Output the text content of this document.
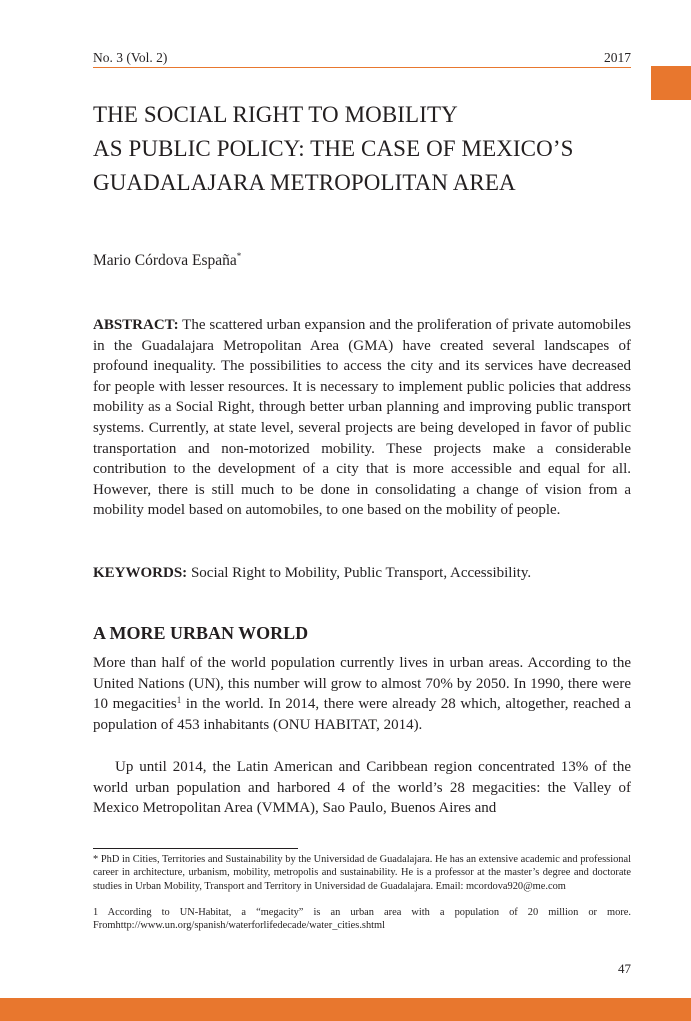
No. 3 (Vol. 2)	2017
THE SOCIAL RIGHT TO MOBILITY
AS PUBLIC POLICY: THE CASE OF MEXICO’S
GUADALAJARA METROPOLITAN AREA
Mario Córdova España*

ABSTRACT: The scattered urban expansion and the proliferation of private automobiles in the Guadalajara Metropolitan Area (GMA) have created several landscapes of profound inequality. The possibilities to access the city and its services have decreased for people with lesser resources. It is necessary to implement public policies that address mobility as a Social Right, through better urban planning and improving public transport systems. Currently, at state level, several projects are being developed in favor of public transportation and non-motorized mobility. These projects make a considerable contribution to the development of a city that is more accessible and equal for all. However, there is still much to be done in consolidating a change of vision from a mobility model based on automobiles, to one based on the mobility of people.

KEYWORDS: Social Right to Mobility, Public Transport, Accessibility.

A MORE URBAN WORLD

More than half of the world population currently lives in urban areas. According to the United Nations (UN), this number will grow to almost 70% by 2050. In 1990, there were 10 megacities$^1$ in the world. In 2014, there were already 28 which, altogether, reached a population of 453 inhabitants (ONU HABITAT, 2014).

Up until 2014, the Latin American and Caribbean region concentrated 13% of the world urban population and harbored 4 of the world’s 28 megacities: the Valley of Mexico Metropolitan Area (VMMA), Sao Paulo, Buenos Aires and

* PhD in Cities, Territories and Sustainability by the Universidad de Guadalajara. He has an extensive academic and professional career in architecture, urbanism, mobility, metropolis and sustainability. He is a professor at the master’s degree and doctorate studies in Urban Mobility, Transport and Territory in Universidad de Guadalajara. Email: mcordova920@me.com

1 According to UN-Habitat, a “megacity” is an urban area with a population of 20 million or more. Fromhttp://www.un.org/spanish/waterforlifedecade/water_cities.shtml

47
